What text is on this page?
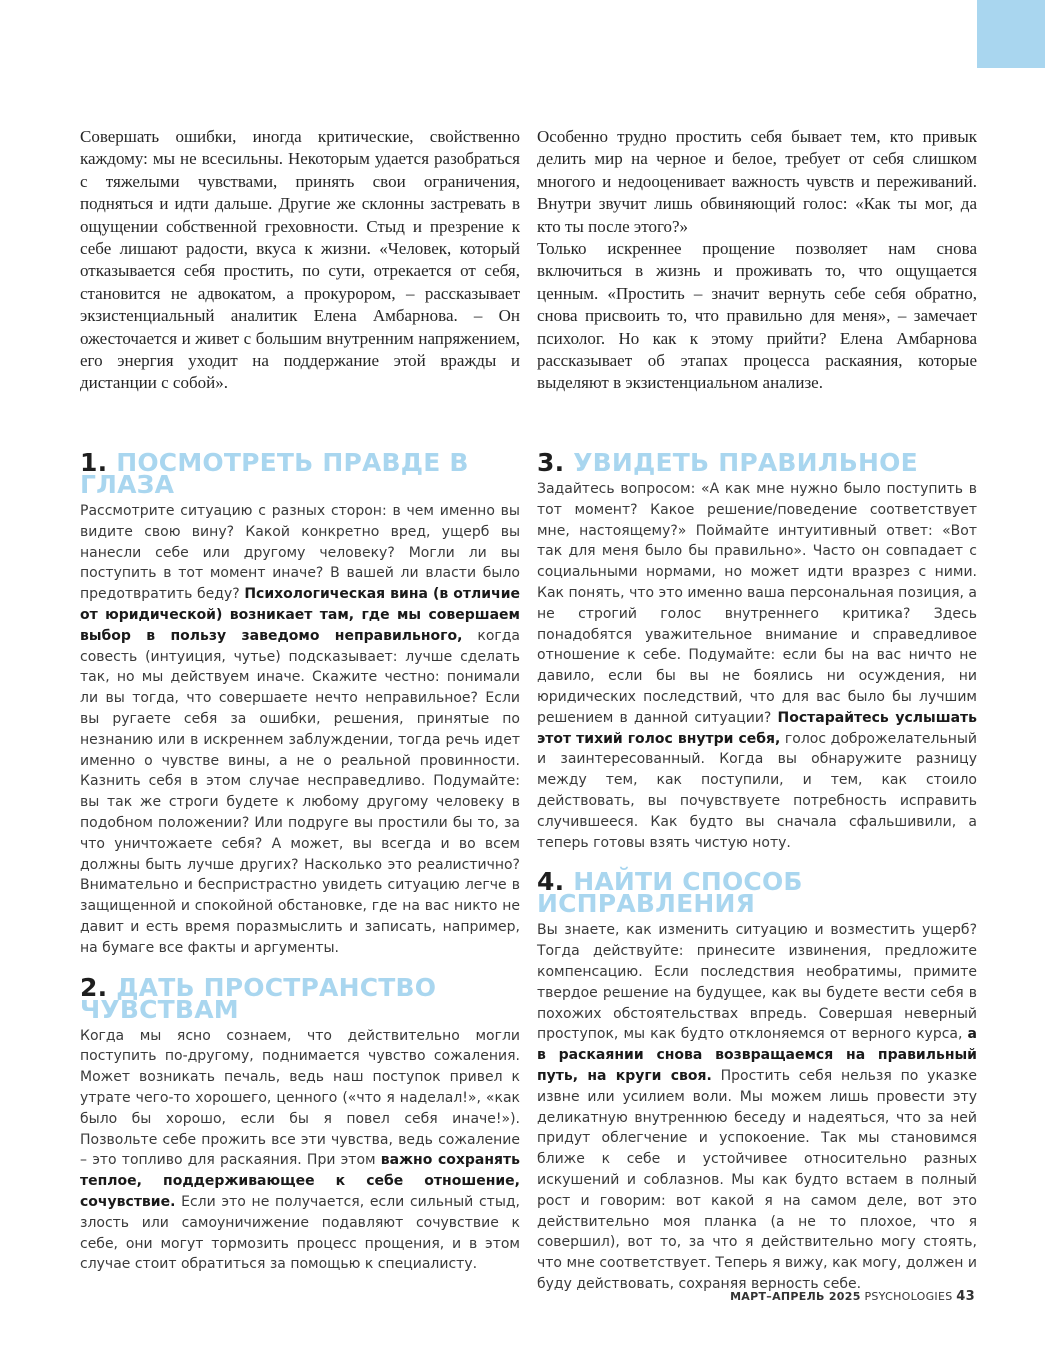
Совершать ошибки, иногда критические, свойственно каждому: мы не всесильны. Некоторым удается разобраться с тяжелыми чувствами, принять свои ограничения, подняться и идти дальше. Другие же склонны застревать в ощущении собственной греховности. Стыд и презрение к себе лишают радости, вкуса к жизни. «Человек, который отказывается себя простить, по сути, отрекается от себя, становится не адвокатом, а прокурором, – рассказывает экзистенциальный аналитик Елена Амбарнова. – Он ожесточается и живет с большим внутренним напряжением, его энергия уходит на поддержание этой вражды и дистанции с собой».

Особенно трудно простить себя бывает тем, кто привык делить мир на черное и белое, требует от себя слишком многого и недооценивает важность чувств и переживаний. Внутри звучит лишь обвиняющий голос: «Как ты мог, да кто ты после этого?»

Только искреннее прощение позволяет нам снова включиться в жизнь и проживать то, что ощущается ценным. «Простить – значит вернуть себе себя обратно, снова присвоить то, что правильно для меня», – замечает психолог. Но как к этому прийти? Елена Амбарнова рассказывает об этапах процесса раскаяния, которые выделяют в экзистенциальном анализе.

1. ПОСМОТРЕТЬ ПРАВДЕ В ГЛАЗА

Рассмотрите ситуацию с разных сторон: в чем именно вы видите свою вину? Какой конкретно вред, ущерб вы нанесли себе или другому человеку? Могли ли вы поступить в тот момент иначе? В вашей ли власти было предотвратить беду? Психологическая вина (в отличие от юридической) возникает там, где мы совершаем выбор в пользу заведомо неправильного, когда совесть (интуиция, чутье) подсказывает: лучше сделать так, но мы действуем иначе. Скажите честно: понимали ли вы тогда, что совершаете нечто неправильное? Если вы ругаете себя за ошибки, решения, принятые по незнанию или в искреннем заблуждении, тогда речь идет именно о чувстве вины, а не о реальной провинности. Казнить себя в этом случае несправедливо. Подумайте: вы так же строги будете к любому другому человеку в подобном положении? Или подруге вы простили бы то, за что уничтожаете себя? А может, вы всегда и во всем должны быть лучше других? Насколько это реалистично? Внимательно и беспристрастно увидеть ситуацию легче в защищенной и спокойной обстановке, где на вас никто не давит и есть время поразмыслить и записать, например, на бумаге все факты и аргументы.

2. ДАТЬ ПРОСТРАНСТВО ЧУВСТВАМ

Когда мы ясно сознаем, что действительно могли поступить по-другому, поднимается чувство сожаления. Может возникать печаль, ведь наш поступок привел к утрате чего-то хорошего, ценного («что я наделал!», «как было бы хорошо, если бы я повел себя иначе!»). Позвольте себе прожить все эти чувства, ведь сожаление – это топливо для раскаяния. При этом важно сохранять теплое, поддерживающее к себе отношение, сочувствие. Если это не получается, если сильный стыд, злость или самоуничижение подавляют сочувствие к себе, они могут тормозить процесс прощения, и в этом случае стоит обратиться за помощью к специалисту.

3. УВИДЕТЬ ПРАВИЛЬНОЕ

Задайтесь вопросом: «А как мне нужно было поступить в тот момент? Какое решение/поведение соответствует мне, настоящему?» Поймайте интуитивный ответ: «Вот так для меня было бы правильно». Часто он совпадает с социальными нормами, но может идти вразрез с ними. Как понять, что это именно ваша персональная позиция, а не строгий голос внутреннего критика? Здесь понадобятся уважительное внимание и справедливое отношение к себе. Подумайте: если бы на вас ничто не давило, если бы вы не боялись ни осуждения, ни юридических последствий, что для вас было бы лучшим решением в данной ситуации? Постарайтесь услышать этот тихий голос внутри себя, голос доброжелательный и заинтересованный. Когда вы обнаружите разницу между тем, как поступили, и тем, как стоило действовать, вы почувствуете потребность исправить случившееся. Как будто вы сначала сфальшивили, а теперь готовы взять чистую ноту.

4. НАЙТИ СПОСОБ ИСПРАВЛЕНИЯ

Вы знаете, как изменить ситуацию и возместить ущерб? Тогда действуйте: принесите извинения, предложите компенсацию. Если последствия необратимы, примите твердое решение на будущее, как вы будете вести себя в похожих обстоятельствах впредь. Совершая неверный проступок, мы как будто отклоняемся от верного курса, а в раскаянии снова возвращаемся на правильный путь, на круги своя. Простить себя нельзя по указке извне или усилием воли. Мы можем лишь провести эту деликатную внутреннюю беседу и надеяться, что за ней придут облегчение и успокоение. Так мы становимся ближе к себе и устойчивее относительно разных искушений и соблазнов. Мы как будто встаем в полный рост и говорим: вот какой я на самом деле, вот это действительно моя планка (а не то плохое, что я совершил), вот то, за что я действительно могу стоять, что мне соответствует. Теперь я вижу, как могу, должен и буду действовать, сохраняя верность себе.

МАРТ–АПРЕЛЬ 2025 PSYCHOLOGIES 43
